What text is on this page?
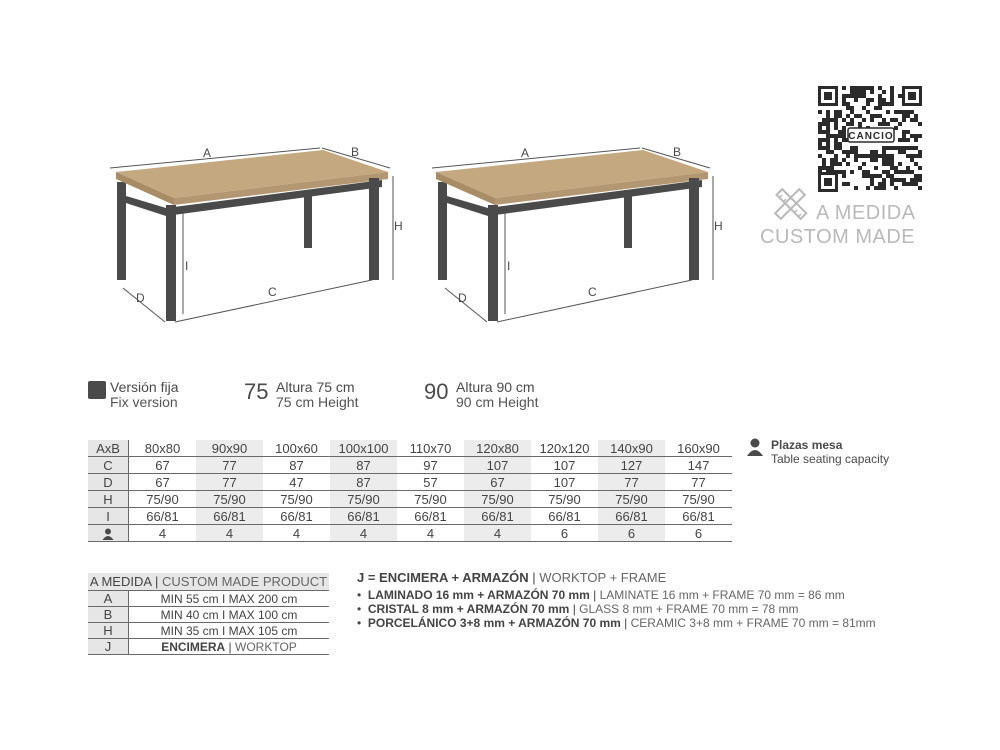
A	B
H
C
D
I
A	B
H
C
D
I
CANCIO
A MEDIDA
CUSTOM MADE
Versión fija
Fix version	75 Altura 75 cm
75 cm Height	90 Altura 90 cm
90 cm Height
AxB	80x80	90x90	100x60	100x100	110x70	120x80	120x120	140x90	160x90
C	67	77	87	87	97	107	107	127	147
D	67	77	47	87	57	67	107	77	77
H	75/90	75/90	75/90	75/90	75/90	75/90	75/90	75/90	75/90
I	66/81	66/81	66/81	66/81	66/81	66/81	66/81	66/81	66/81
	4	4	4	4	4	4	6	6	6
Plazas mesa
Table seating capacity
A MEDIDA | CUSTOM MADE PRODUCT	
A	MIN 55 cm I MAX 200 cm
B	MIN 40 cm I MAX 100 cm
H	MIN 35 cm I MAX 105 cm
J	ENCIMERA | WORKTOP
J = ENCIMERA + ARMAZÓN | WORKTOP + FRAME
•  LAMINADO 16 mm + ARMAZÓN 70 mm | LAMINATE 16 mm + FRAME 70 mm = 86 mm
•  CRISTAL 8 mm + ARMAZÓN 70 mm | GLASS 8 mm + FRAME 70 mm = 78 mm
•  PORCELÁNICO 3+8 mm + ARMAZÓN 70 mm | CERAMIC 3+8 mm + FRAME 70 mm = 81mm
